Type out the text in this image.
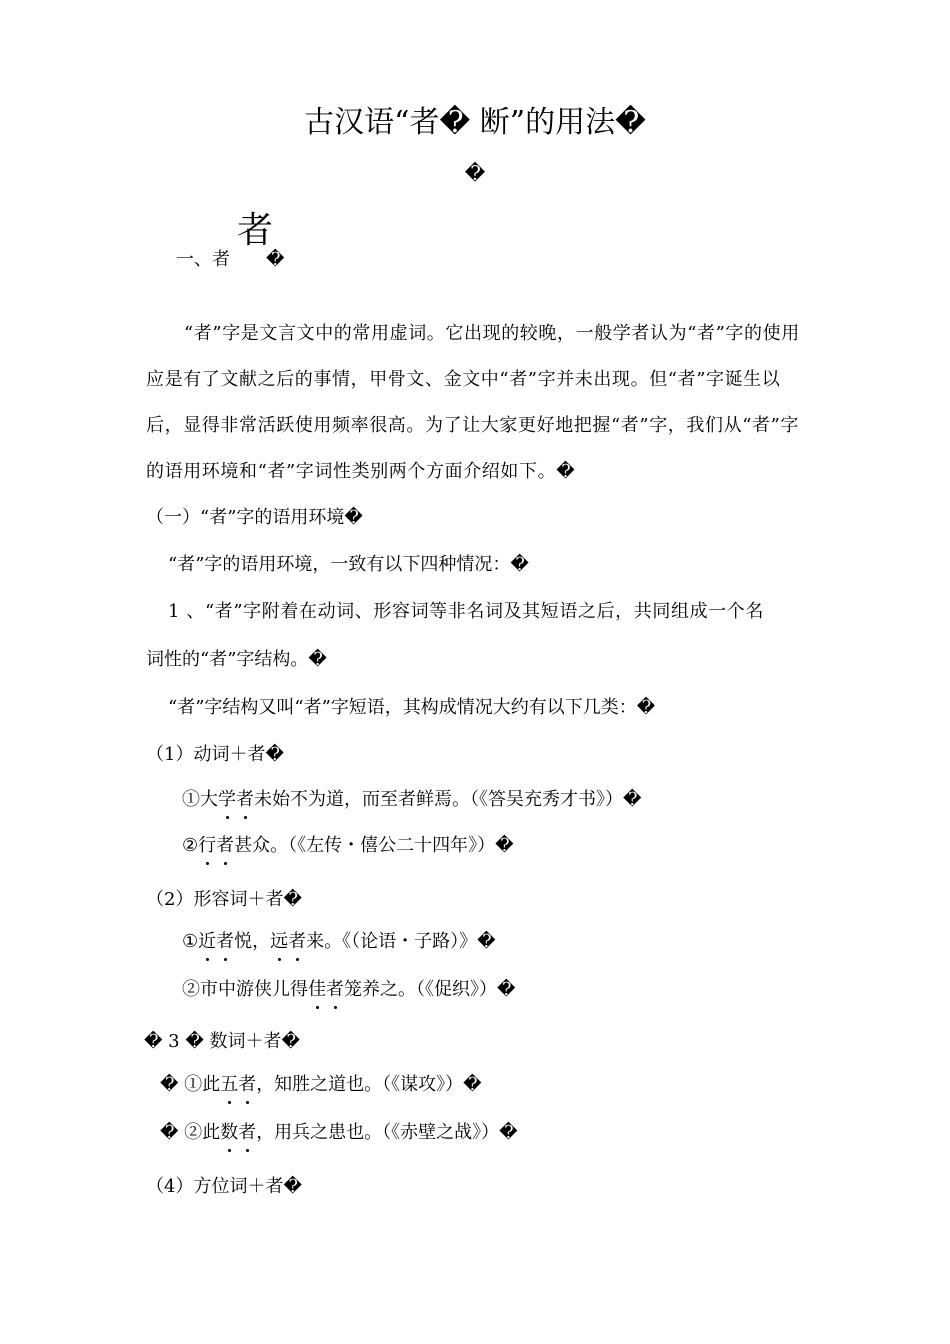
古汉语“者� 断”的用法�
�
者
一、者　　�
“者”字是文言文中的常用虚词。它出现的较晚，一般学者认为“者”字的使用应是有了文献之后的事情，甲骨文、金文中“者”字并未出现。但“者”字诞生以后，显得非常活跃使用频率很高。为了让大家更好地把握“者”字，我们从“者”字的语用环境和“者”字词性类别两个方面介绍如下。�
（一）“者”字的语用环境�
“者”字的语用环境，一致有以下四种情况：�
1 、“者”字附着在动词、形容词等非名词及其短语之后，共同组成一个名
词性的“者”字结构。�
“者”字结构又叫“者”字短语，其构成情况大约有以下几类：�
（1）动词＋者�
①大学者未始不为道，而至者鲜焉。（《答吴充秀才书》）�
②行者甚众。（《左传・僖公二十四年》）�
（2）形容词＋者�
①近者悦，远者来。《（论语・子路）》�
②市中游侠儿得佳者笼养之。（《促织》）�
� 3 � 数词＋者�
� ①此五者，知胜之道也。（《谋攻》）�
� ②此数者，用兵之患也。（《赤壁之战》）�
（4）方位词＋者�
